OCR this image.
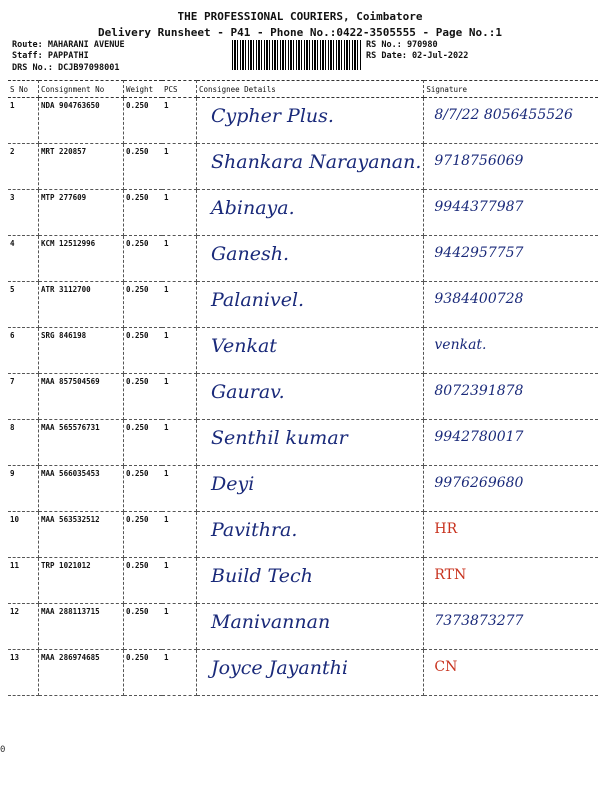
THE PROFESSIONAL COURIERS, Coimbatore
Delivery Runsheet - P41 - Phone No.:0422-3505555 - Page No.:1
Route: MAHARANI AVENUE
Staff: PAPPATHI
DRS No.: DCJB97098001
RS No.: 970980
RS Date: 02-Jul-2022
S No	Consignment No	Weight	PCS	Consignee Details	Signature
1	NDA 904763650	0.250	1	Cypher Plus.	8/7/22 8056455526

2	MRT 220857	0.250	1	Shankara Narayanan.	9718756069

3	MTP 277609	0.250	1	Abinaya.	9944377987

4	KCM 12512996	0.250	1	Ganesh.	9442957757

5	ATR 3112700	0.250	1	Palanivel.	9384400728

6	SRG 846198	0.250	1	Venkat	venkat.

7	MAA 857504569	0.250	1	Gaurav.	8072391878

8	MAA 565576731	0.250	1	Senthil kumar	9942780017

9	MAA 566035453	0.250	1	Deyi	9976269680

10	MAA 563532512	0.250	1	Pavithra.	HR

11	TRP 1021012	0.250	1	Build Tech	RTN

12	MAA 288113715	0.250	1	Manivannan	7373873277

13	MAA 286974685	0.250	1	Joyce Jayanthi	CN
0
